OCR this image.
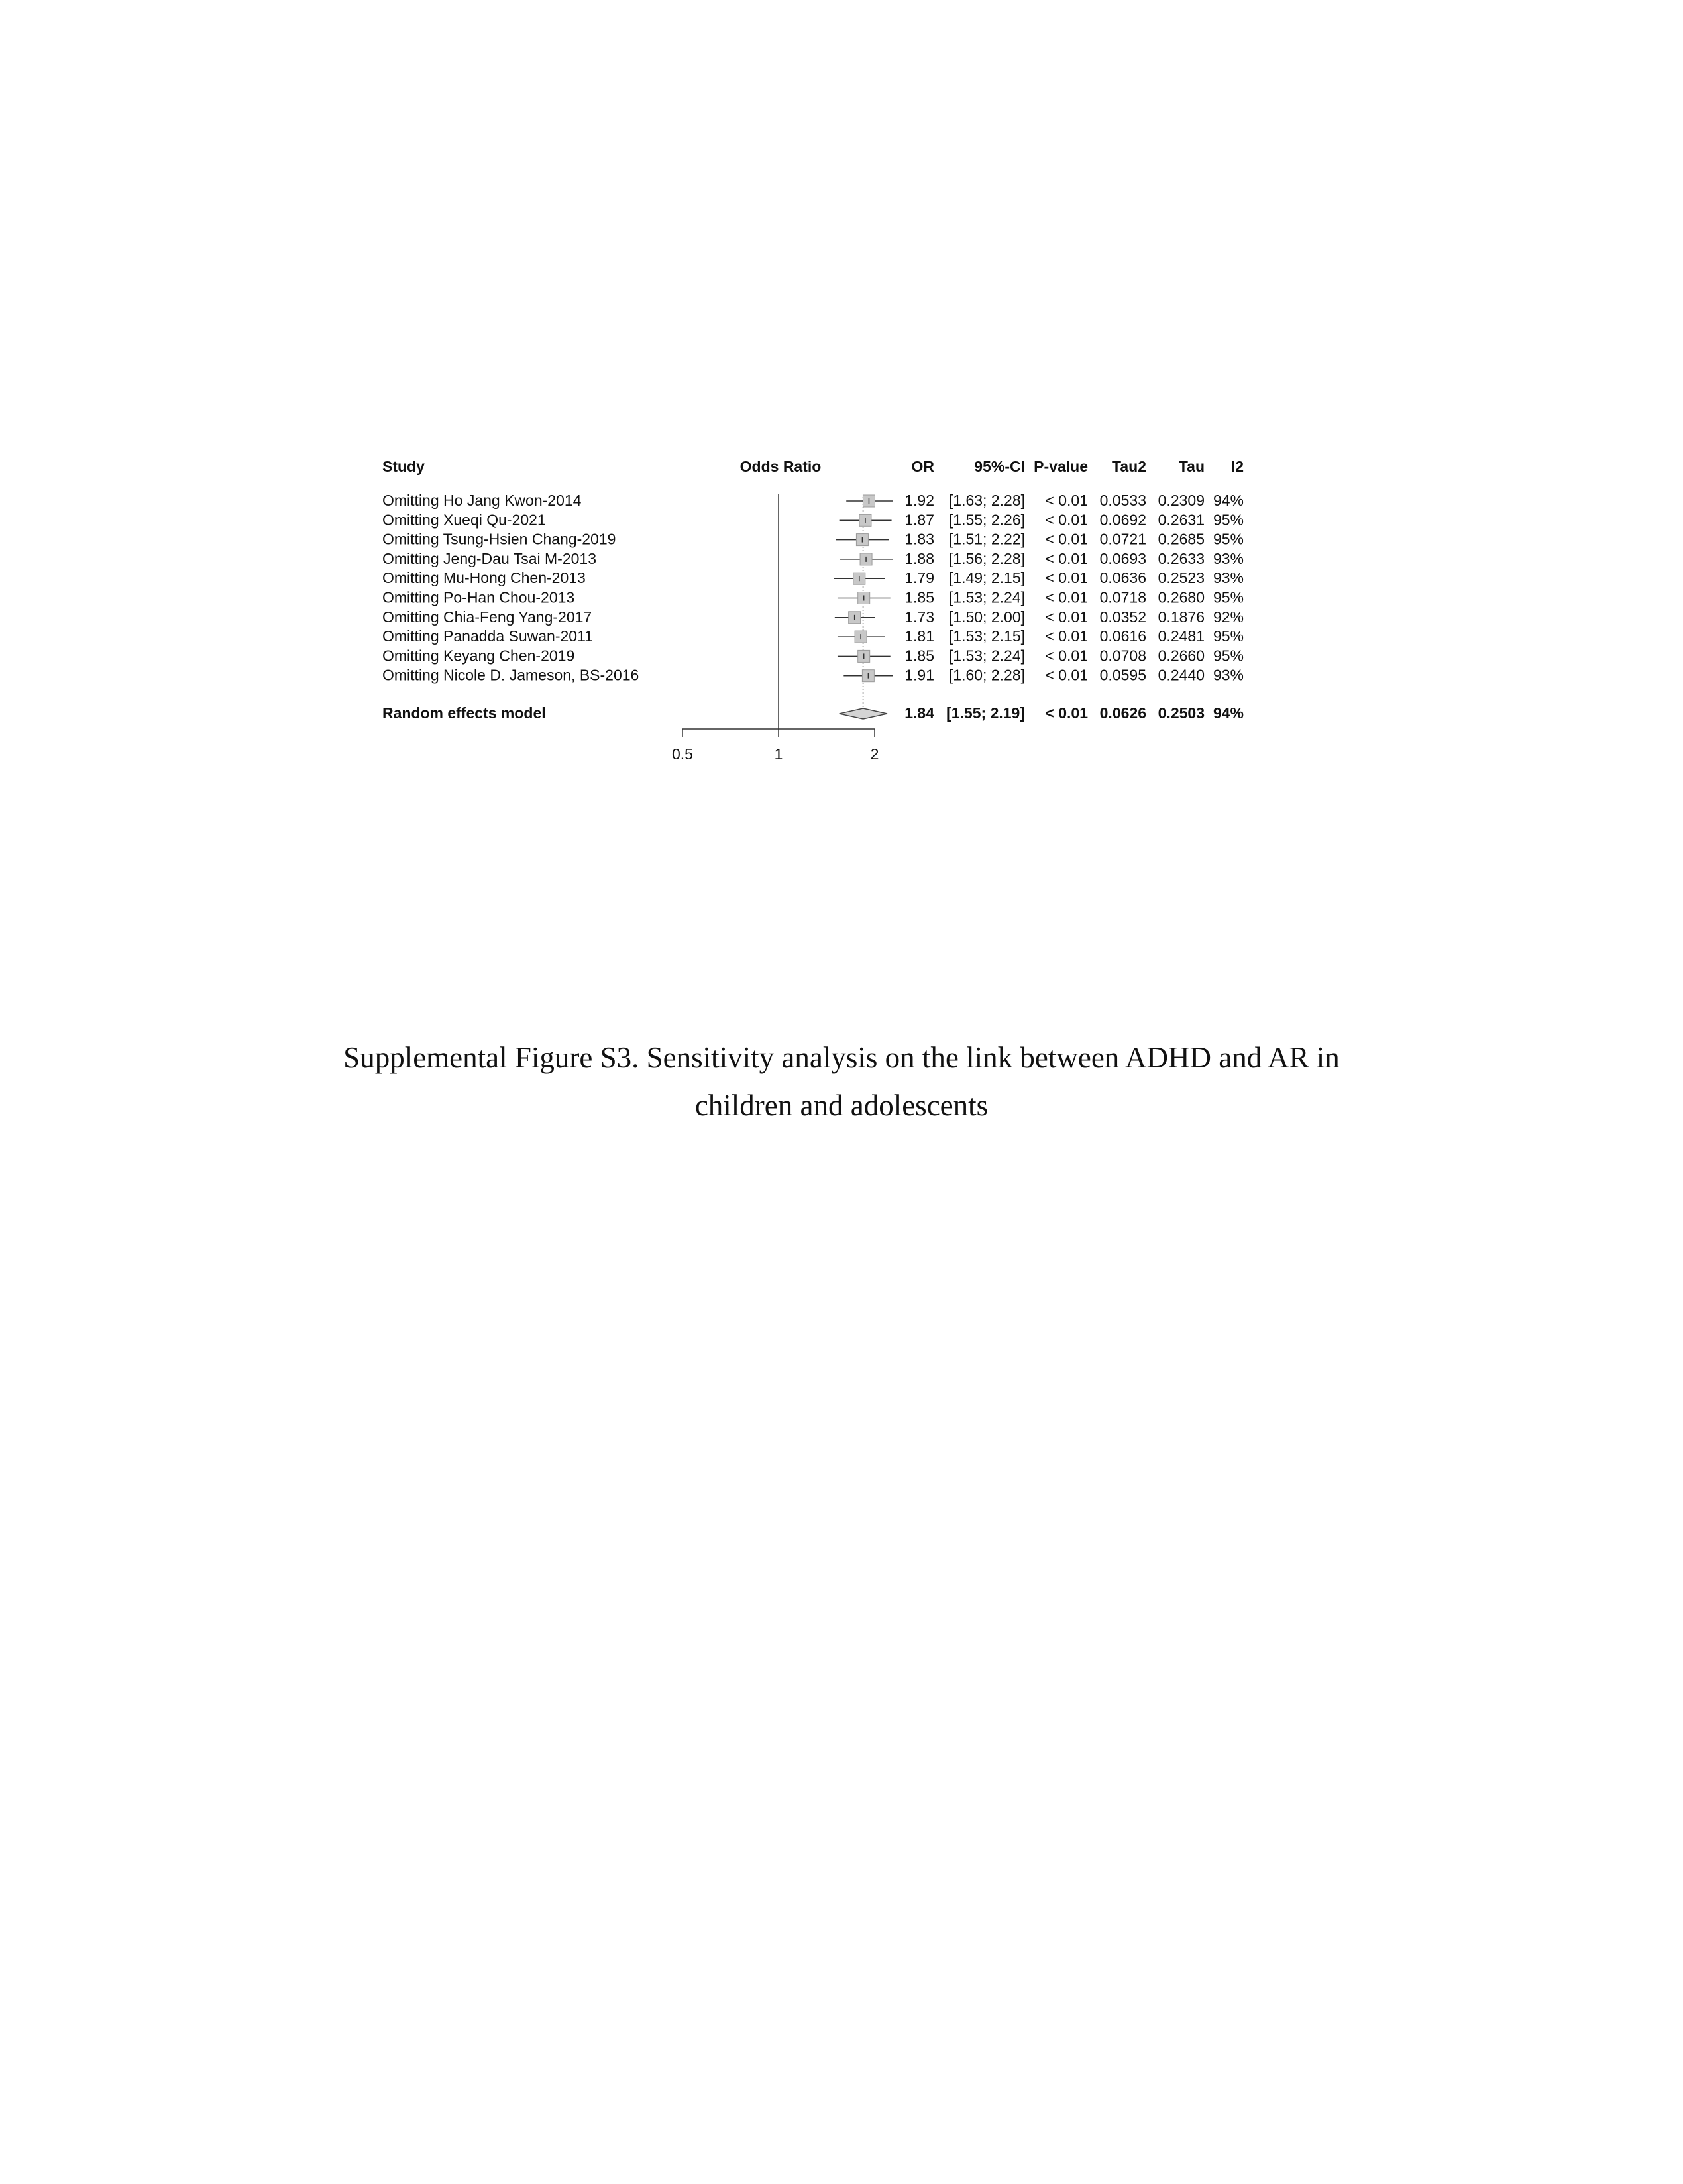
Study	Odds Ratio	OR	95%-CI P-value Tau2 Tau I2
Omitting Ho Jang Kwon-2014	1.92 [1.63; 2.28] < 0.01 0.0533 0.2309 94%
Omitting Xueqi Qu-2021	1.87 [1.55; 2.26] < 0.01 0.0692 0.2631 95%
Omitting Tsung-Hsien Chang-2019	1.83 [1.51; 2.22] < 0.01 0.0721 0.2685 95%
Omitting Jeng-Dau Tsai M-2013	1.88 [1.56; 2.28] < 0.01 0.0693 0.2633 93%
Omitting Mu-Hong Chen-2013	1.79 [1.49; 2.15] < 0.01 0.0636 0.2523 93%
Omitting Po-Han Chou-2013	1.85 [1.53; 2.24] < 0.01 0.0718 0.2680 95%
Omitting Chia-Feng Yang-2017	1.73 [1.50; 2.00] < 0.01 0.0352 0.1876 92%
Omitting Panadda Suwan-2011	1.81 [1.53; 2.15] < 0.01 0.0616 0.2481 95%
Omitting Keyang Chen-2019	1.85 [1.53; 2.24] < 0.01 0.0708 0.2660 95%
Omitting Nicole D. Jameson, BS-2016	1.91 [1.60; 2.28] < 0.01 0.0595 0.2440 93%
Random effects model	1.84 [1.55; 2.19] < 0.01 0.0626 0.2503 94%
0.5	1	2
Supplemental Figure S3. Sensitivity analysis on the link between ADHD and AR in
children and adolescents
